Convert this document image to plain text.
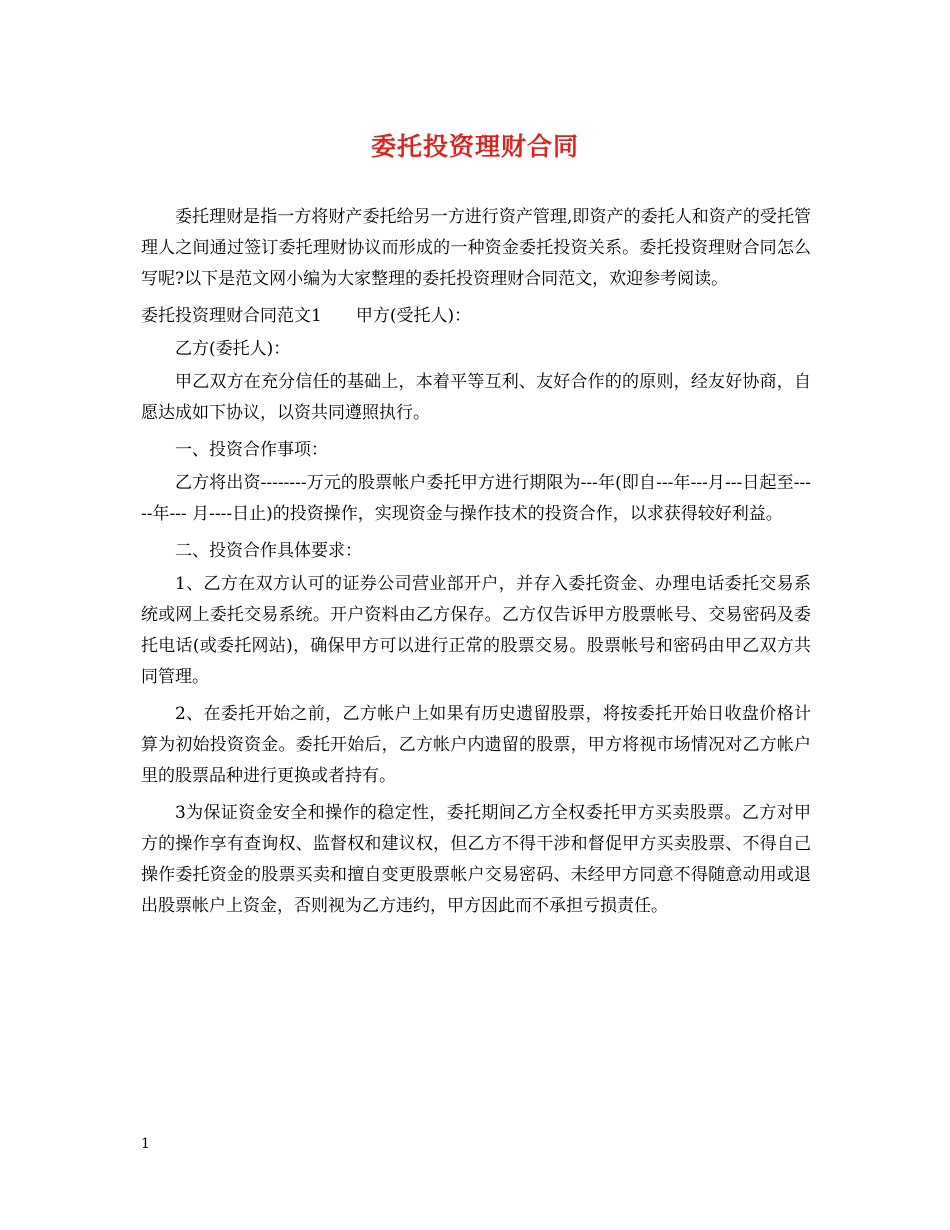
委托投资理财合同

委托理财是指一方将财产委托给另一方进行资产管理,即资产的委托人和资产的受托管理人之间通过签订委托理财协议而形成的一种资金委托投资关系。委托投资理财合同怎么写呢?以下是范文网小编为大家整理的委托投资理财合同范文，欢迎参考阅读。

委托投资理财合同范文1 甲方(受托人)：

乙方(委托人)：

甲乙双方在充分信任的基础上，本着平等互利、友好合作的的原则，经友好协商，自愿达成如下协议，以资共同遵照执行。

一、投资合作事项：

乙方将出资--------万元的股票帐户委托甲方进行期限为---年(即自---年---月---日起至-----年--- 月----日止)的投资操作，实现资金与操作技术的投资合作，以求获得较好利益。

二、投资合作具体要求：

1、乙方在双方认可的证券公司营业部开户，并存入委托资金、办理电话委托交易系统或网上委托交易系统。开户资料由乙方保存。乙方仅告诉甲方股票帐号、交易密码及委托电话(或委托网站)，确保甲方可以进行正常的股票交易。股票帐号和密码由甲乙双方共同管理。

2、在委托开始之前，乙方帐户上如果有历史遗留股票，将按委托开始日收盘价格计算为初始投资资金。委托开始后，乙方帐户内遗留的股票，甲方将视市场情况对乙方帐户里的股票品种进行更换或者持有。

3为保证资金安全和操作的稳定性，委托期间乙方全权委托甲方买卖股票。乙方对甲方的操作享有查询权、监督权和建议权，但乙方不得干涉和督促甲方买卖股票、不得自己操作委托资金的股票买卖和擅自变更股票帐户交易密码、未经甲方同意不得随意动用或退出股票帐户上资金，否则视为乙方违约，甲方因此而不承担亏损责任。

1
